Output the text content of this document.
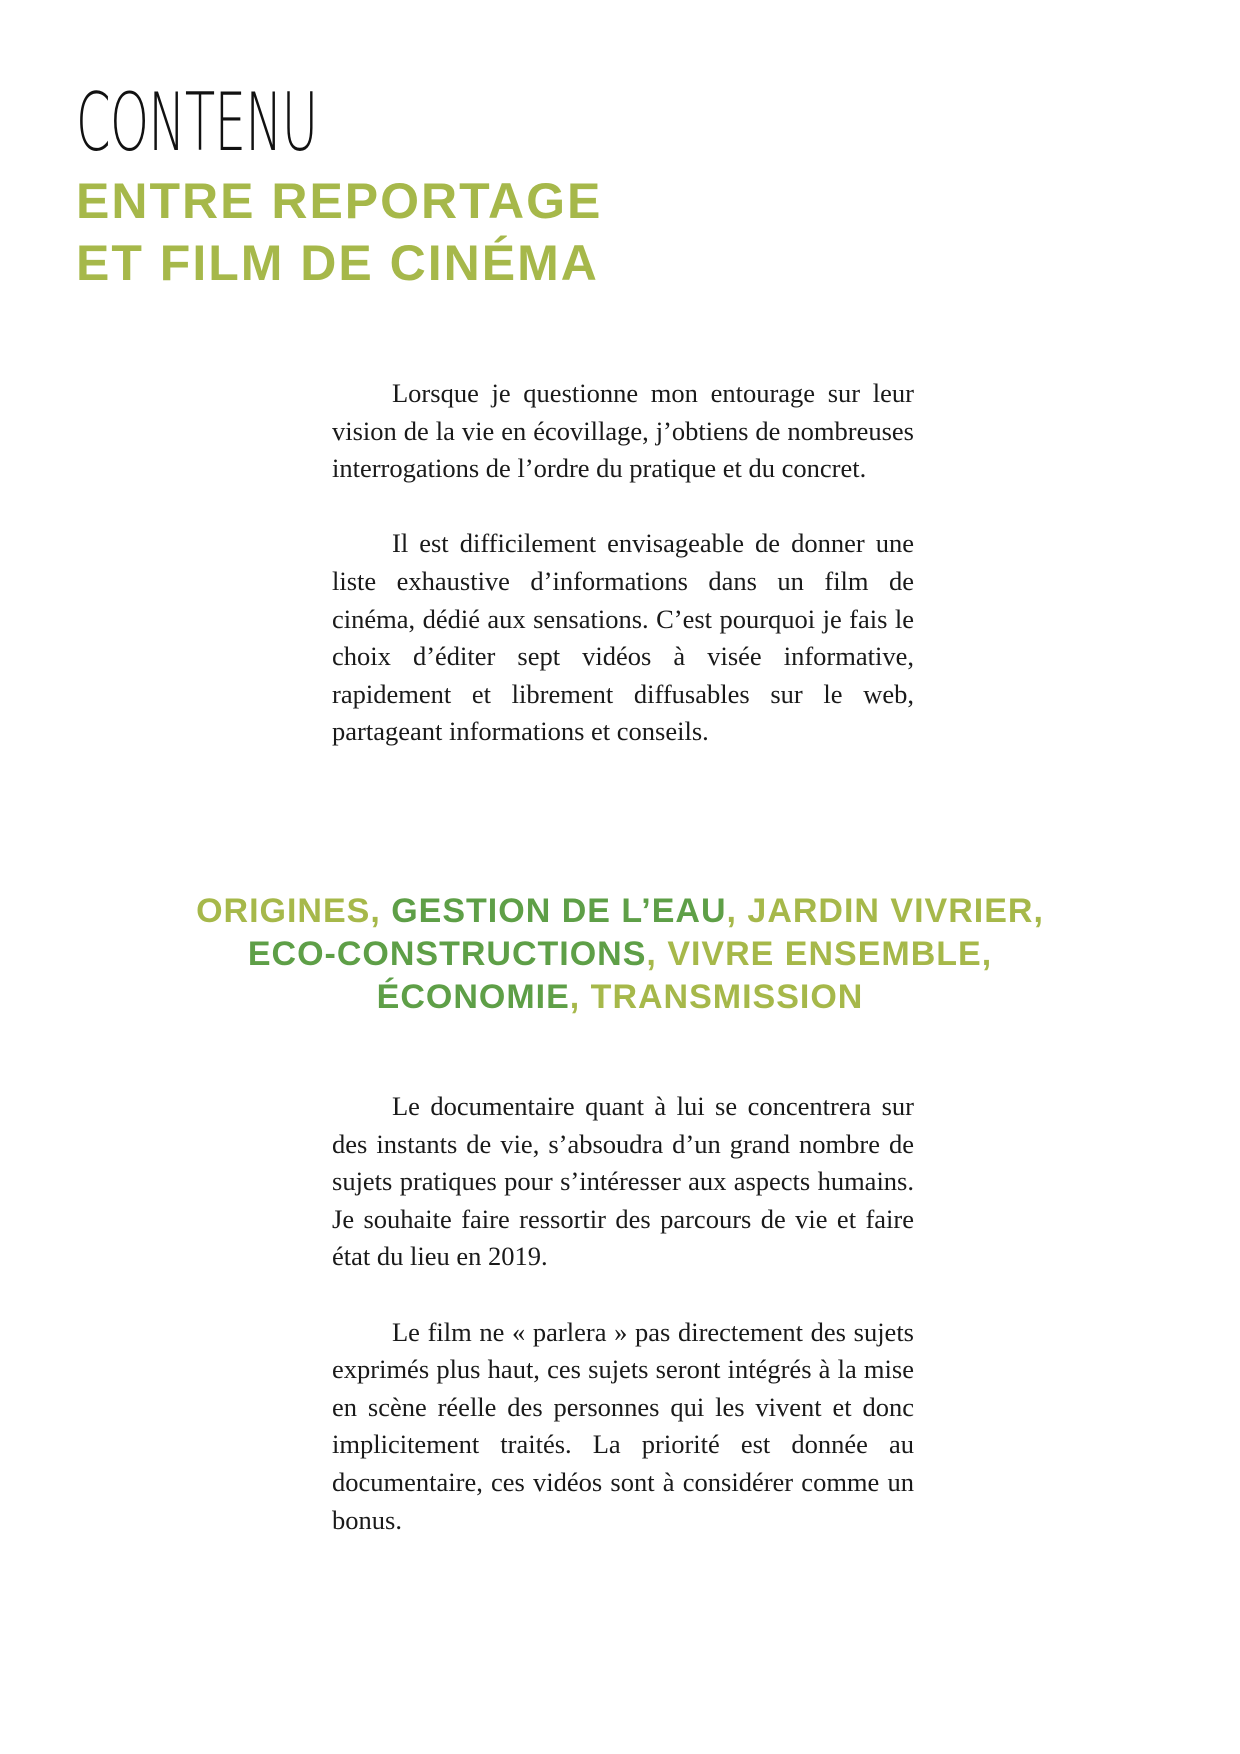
CONTENU
ENTRE REPORTAGE
ET FILM DE CINÉMA

Lorsque je questionne mon entourage sur leur vision de la vie en écovillage, j’obtiens de nombreuses interrogations de l’ordre du pratique et du concret.

Il est difficilement envisageable de donner une liste exhaustive d’informations dans un film de cinéma, dédié aux sensations. C’est pourquoi je fais le choix d’éditer sept vidéos à visée informative, rapidement et librement diffusables sur le web, partageant informations et conseils.

ORIGINES, GESTION DE L’EAU, JARDIN VIVRIER,
ECO-CONSTRUCTIONS, VIVRE ENSEMBLE,
ÉCONOMIE, TRANSMISSION

Le documentaire quant à lui se concentrera sur des instants de vie, s’absoudra d’un grand nombre de sujets pratiques pour s’intéresser aux aspects humains. Je souhaite faire ressortir des parcours de vie et faire état du lieu en 2019.

Le film ne « parlera » pas directement des sujets exprimés plus haut, ces sujets seront intégrés à la mise en scène réelle des personnes qui les vivent et donc implicitement traités. La priorité est donnée au documentaire, ces vidéos sont à considérer comme un bonus.
